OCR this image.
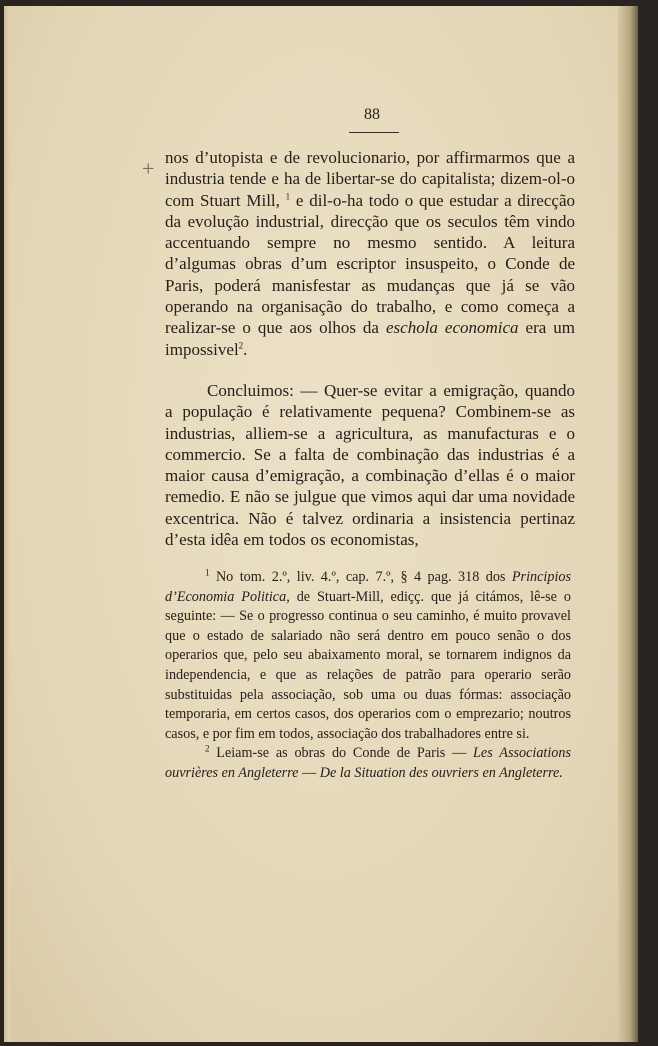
88
+ nos d’utopista e de revolucionario, por affirmarmos que a industria tende e ha de libertar-se do capitalista; dizem-ol-o com Stuart Mill, $^1$ e dil-o-ha todo o que estudar a direcção da evolução industrial, direcção que os seculos têm vindo accentuando sempre no mesmo sentido. A leitura d’algumas obras d’um escriptor insuspeito, o Conde de Paris, poderá manisfestar as mudanças que já se vão operando na organisação do trabalho, e como começa a realizar-se o que aos olhos da eschola economica era um impossivel$^2$.

Concluimos: — Quer-se evitar a emigração, quando a população é relativamente pequena? Combinem-se as industrias, alliem-se a agricultura, as manufacturas e o commercio. Se a falta de combinação das industrias é a maior causa d’emigração, a combinação d’ellas é o maior remedio. E não se julgue que vimos aqui dar uma novidade excentrica. Não é talvez ordinaria a insistencia pertinaz d’esta idêa em todos os economistas,

$^1$ No tom. 2.º, liv. 4.º, cap. 7.º, § 4 pag. 318 dos Principios d’Economia Politica, de Stuart-Mill, ediçç. que já citámos, lê-se o seguinte: — Se o progresso continua o seu caminho, é muito provavel que o estado de salariado não será dentro em pouco senão o dos operarios que, pelo seu abaixamento moral, se tornarem indignos da independencia, e que as relações de patrão para operario serão substituidas pela associação, sob uma ou duas fórmas: associação temporaria, em certos casos, dos operarios com o emprezario; noutros casos, e por fim em todos, associação dos trabalhadores entre si.

$^2$ Leiam-se as obras do Conde de Paris — Les Associations ouvrières en Angleterre — De la Situation des ouvriers en Angleterre.
